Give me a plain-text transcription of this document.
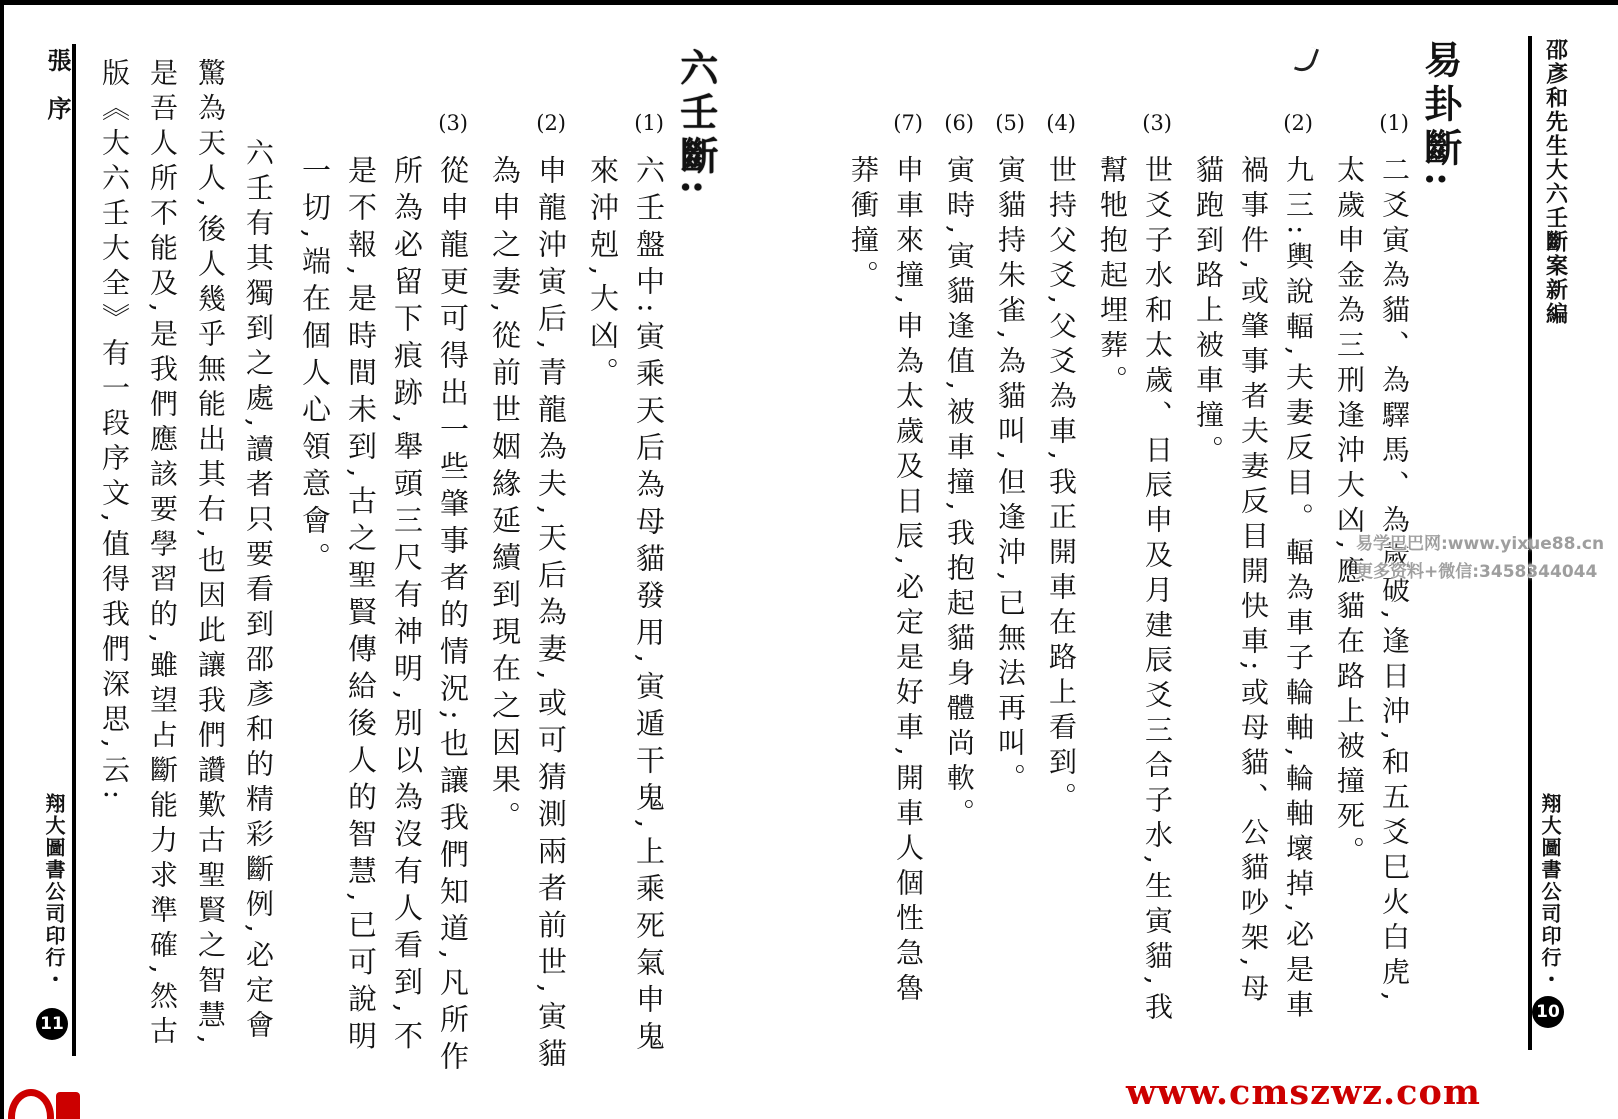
邵彥和先生大六壬斷案新編
翔大圖書公司印行・
10
易卦斷:
(1)
二爻寅為貓、為驛馬、為歲破,逢日沖,和五爻巳火白虎,太歲申金為三刑逢沖大凶,應貓在路上被撞死。
(2)
九三:輿說輻,夫妻反目。輻為車子輪軸,輪軸壞掉,必是車禍事件,或肇事者夫妻反目開快車;或母貓、公貓吵架,母貓跑到路上被車撞。
(3)
世爻子水和太歲、日辰申及月建辰爻三合子水,生寅貓,我幫牠抱起埋葬。
(4)
世持父爻,父爻為車,我正開車在路上看到。
(5)
寅貓持朱雀,為貓叫,但逢沖,已無法再叫。
(6)
寅時,寅貓逢值,被車撞,我抱起貓身體尚軟。
(7)
申車來撞,申為太歲及日辰,必定是好車,開車人個性急魯莽衝撞。
張序
翔大圖書公司印行・
11
六壬斷:
(1)
六壬盤中:寅乘天后為母貓發用,寅遁干鬼,上乘死氣申鬼來沖剋,大凶。
(2)
申龍沖寅后,青龍為夫,天后為妻,或可猜測兩者前世,寅貓為申之妻,從前世姻緣延續到現在之因果。
(3)
從申龍更可得出一些肇事者的情況;也讓我們知道,凡所作所為必留下痕跡,舉頭三尺有神明,別以為沒有人看到,不是不報,是時間未到,古之聖賢傳給後人的智慧,已可說明一切,端在個人心領意會。
六壬有其獨到之處,讀者只要看到邵彥和的精彩斷例,必定會驚為天人,後人幾乎無能出其右,也因此讓我們讚歎古聖賢之智慧,是吾人所不能及,是我們應該要學習的,雖望占斷能力求準確,然古版《大六壬大全》有一段序文,值得我們深思,云:	易学巴巴网:www.yixue88.cn
更多资料+微信:3458344044
www.cmszwz.com
